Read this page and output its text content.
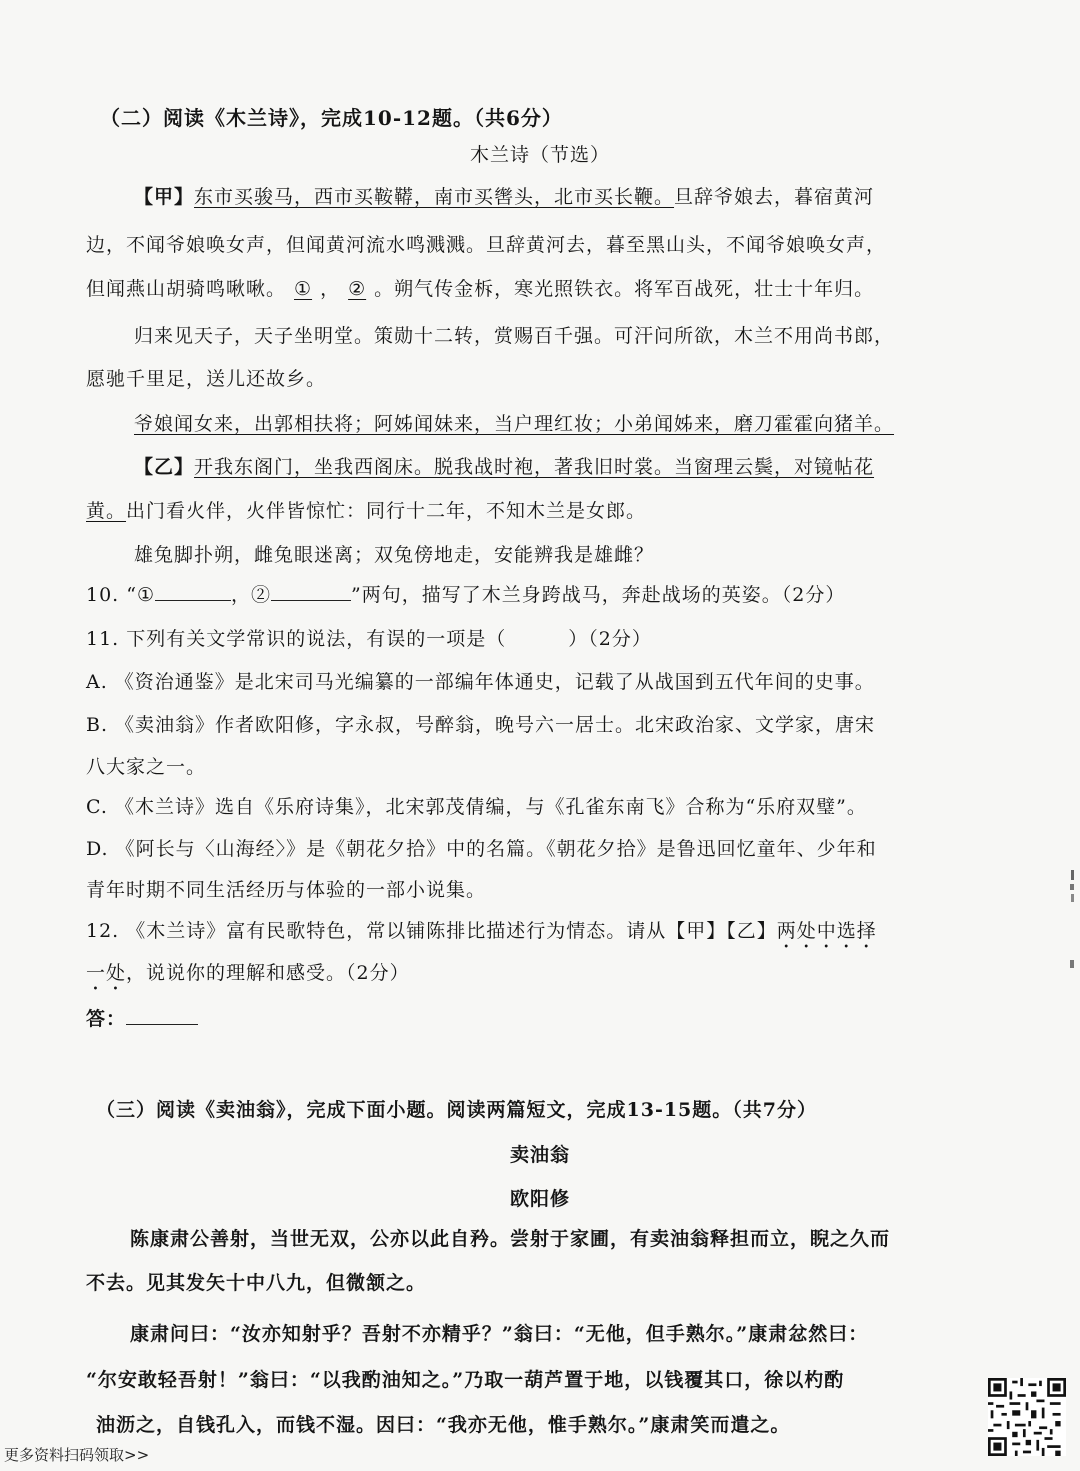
（二）阅读《木兰诗》，完成10-12题。（共6分）
木兰诗（节选）
【甲】东市买骏马，西市买鞍鞯，南市买辔头，北市买长鞭。旦辞爷娘去，暮宿黄河
边，不闻爷娘唤女声，但闻黄河流水鸣溅溅。旦辞黄河去，暮至黑山头，不闻爷娘唤女声，
但闻燕山胡骑鸣啾啾。 ① ， ② 。朔气传金柝，寒光照铁衣。将军百战死，壮士十年归。
归来见天子，天子坐明堂。策勋十二转，赏赐百千强。可汗问所欲，木兰不用尚书郎，
愿驰千里足，送儿还故乡。
爷娘闻女来，出郭相扶将；阿姊闻妹来，当户理红妆；小弟闻姊来，磨刀霍霍向猪羊。
【乙】开我东阁门，坐我西阁床。脱我战时袍，著我旧时裳。当窗理云鬓，对镜帖花
黄。出门看火伴，火伴皆惊忙：同行十二年，不知木兰是女郎。
雄兔脚扑朔，雌兔眼迷离；双兔傍地走，安能辨我是雄雌？
10. “①	，②	”两句，描写了木兰身跨战马，奔赴战场的英姿。（2分）
11. 下列有关文学常识的说法，有误的一项是（	）（2分）
A. 《资治通鉴》是北宋司马光编纂的一部编年体通史，记载了从战国到五代年间的史事。
B. 《卖油翁》作者欧阳修，字永叔，号醉翁，晚号六一居士。北宋政治家、文学家，唐宋
八大家之一。
C. 《木兰诗》选自《乐府诗集》，北宋郭茂倩编，与《孔雀东南飞》合称为“乐府双璧”。
D. 《阿长与〈山海经〉》是《朝花夕拾》中的名篇。《朝花夕拾》是鲁迅回忆童年、少年和
青年时期不同生活经历与体验的一部小说集。
12. 《木兰诗》富有民歌特色，常以铺陈排比描述行为情态。请从【甲】【乙】两处中选择
一处，说说你的理解和感受。（2分）
答：
（三）阅读《卖油翁》，完成下面小题。阅读两篇短文，完成13-15题。（共7分）
卖油翁
欧阳修
陈康肃公善射，当世无双，公亦以此自矜。尝射于家圃，有卖油翁释担而立，睨之久而
不去。见其发矢十中八九，但微颔之。
康肃问曰：“汝亦知射乎？吾射不亦精乎？”翁曰：“无他，但手熟尔。”康肃忿然曰：
“尔安敢轻吾射！”翁曰：“以我酌油知之。”乃取一葫芦置于地，以钱覆其口，徐以杓酌
油沥之，自钱孔入，而钱不湿。因曰：“我亦无他，惟手熟尔。”康肃笑而遣之。
更多资料扫码领取>>
